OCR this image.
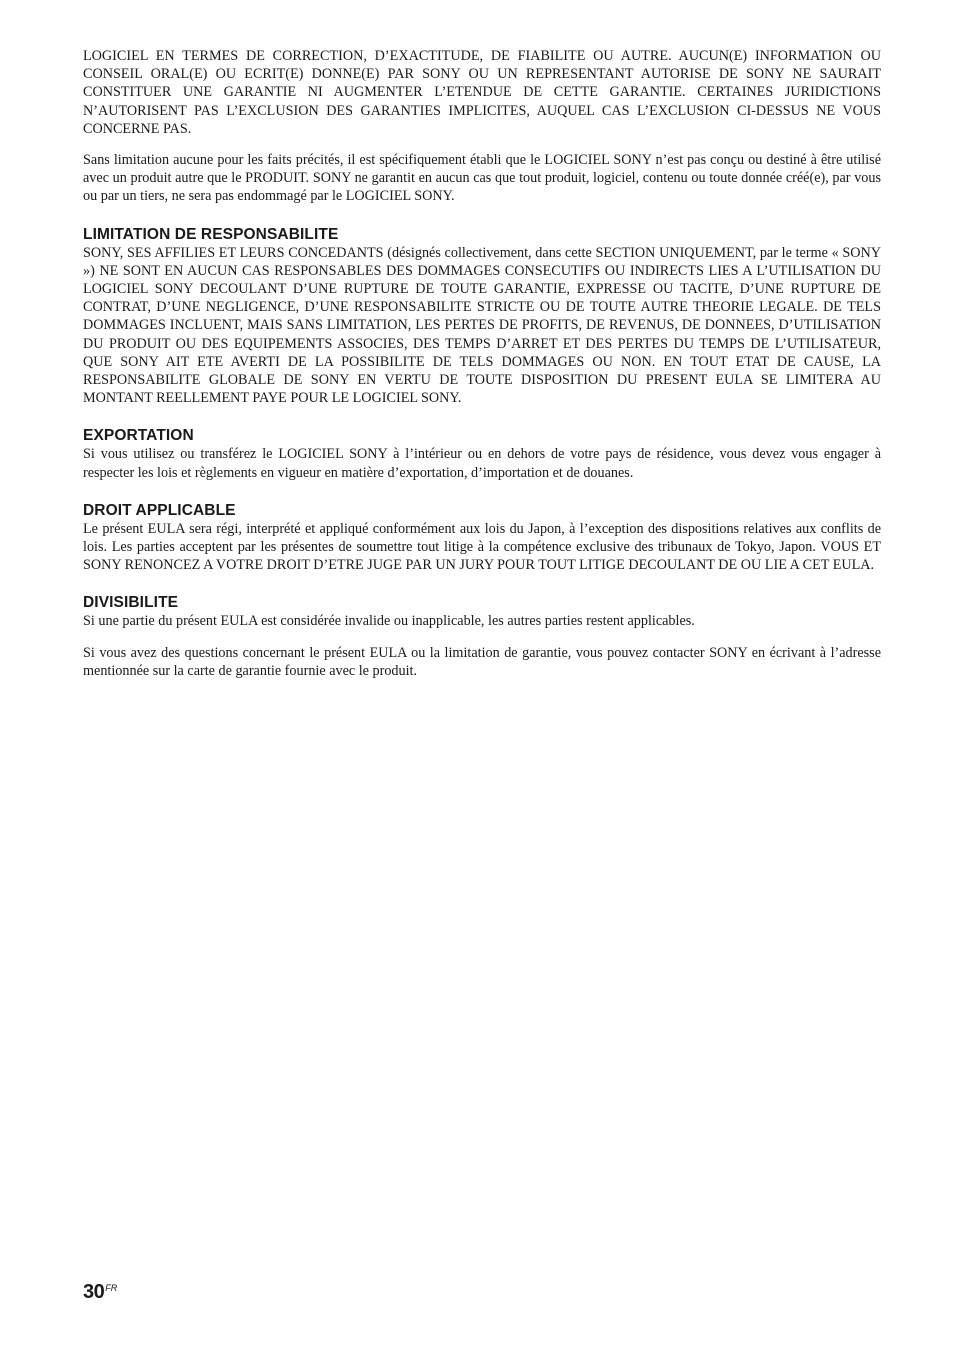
LOGICIEL EN TERMES DE CORRECTION, D’EXACTITUDE, DE FIABILITE OU AUTRE. AUCUN(E) INFORMATION OU CONSEIL ORAL(E) OU ECRIT(E) DONNE(E) PAR SONY OU UN REPRESENTANT AUTORISE DE SONY NE SAURAIT CONSTITUER UNE GARANTIE NI AUGMENTER L’ETENDUE DE CETTE GARANTIE. CERTAINES JURIDICTIONS N’AUTORISENT PAS L’EXCLUSION DES GARANTIES IMPLICITES, AUQUEL CAS L’EXCLUSION CI-DESSUS NE VOUS CONCERNE PAS.

Sans limitation aucune pour les faits précités, il est spécifiquement établi que le LOGICIEL SONY n’est pas conçu ou destiné à être utilisé avec un produit autre que le PRODUIT. SONY ne garantit en aucun cas que tout produit, logiciel, contenu ou toute donnée créé(e), par vous ou par un tiers, ne sera pas endommagé par le LOGICIEL SONY.

LIMITATION DE RESPONSABILITE

SONY, SES AFFILIES ET LEURS CONCEDANTS (désignés collectivement, dans cette SECTION UNIQUEMENT, par le terme « SONY ») NE SONT EN AUCUN CAS RESPONSABLES DES DOMMAGES CONSECUTIFS OU INDIRECTS LIES A L’UTILISATION DU LOGICIEL SONY DECOULANT D’UNE RUPTURE DE TOUTE GARANTIE, EXPRESSE OU TACITE, D’UNE RUPTURE DE CONTRAT, D’UNE NEGLIGENCE, D’UNE RESPONSABILITE STRICTE OU DE TOUTE AUTRE THEORIE LEGALE. DE TELS DOMMAGES INCLUENT, MAIS SANS LIMITATION, LES PERTES DE PROFITS, DE REVENUS, DE DONNEES, D’UTILISATION DU PRODUIT OU DES EQUIPEMENTS ASSOCIES, DES TEMPS D’ARRET ET DES PERTES DU TEMPS DE L’UTILISATEUR, QUE SONY AIT ETE AVERTI DE LA POSSIBILITE DE TELS DOMMAGES OU NON. EN TOUT ETAT DE CAUSE, LA RESPONSABILITE GLOBALE DE SONY EN VERTU DE TOUTE DISPOSITION DU PRESENT EULA SE LIMITERA AU MONTANT REELLEMENT PAYE POUR LE LOGICIEL SONY.

EXPORTATION

Si vous utilisez ou transférez le LOGICIEL SONY à l’intérieur ou en dehors de votre pays de résidence, vous devez vous engager à respecter les lois et règlements en vigueur en matière d’exportation, d’importation et de douanes.

DROIT APPLICABLE

Le présent EULA sera régi, interprété et appliqué conformément aux lois du Japon, à l’exception des dispositions relatives aux conflits de lois. Les parties acceptent par les présentes de soumettre tout litige à la compétence exclusive des tribunaux de Tokyo, Japon. VOUS ET SONY RENONCEZ A VOTRE DROIT D’ETRE JUGE PAR UN JURY POUR TOUT LITIGE DECOULANT DE OU LIE A CET EULA.

DIVISIBILITE

Si une partie du présent EULA est considérée invalide ou inapplicable, les autres parties restent applicables.

Si vous avez des questions concernant le présent EULA ou la limitation de garantie, vous pouvez contacter SONY en écrivant à l’adresse mentionnée sur la carte de garantie fournie avec le produit.

$30^{FR}$
